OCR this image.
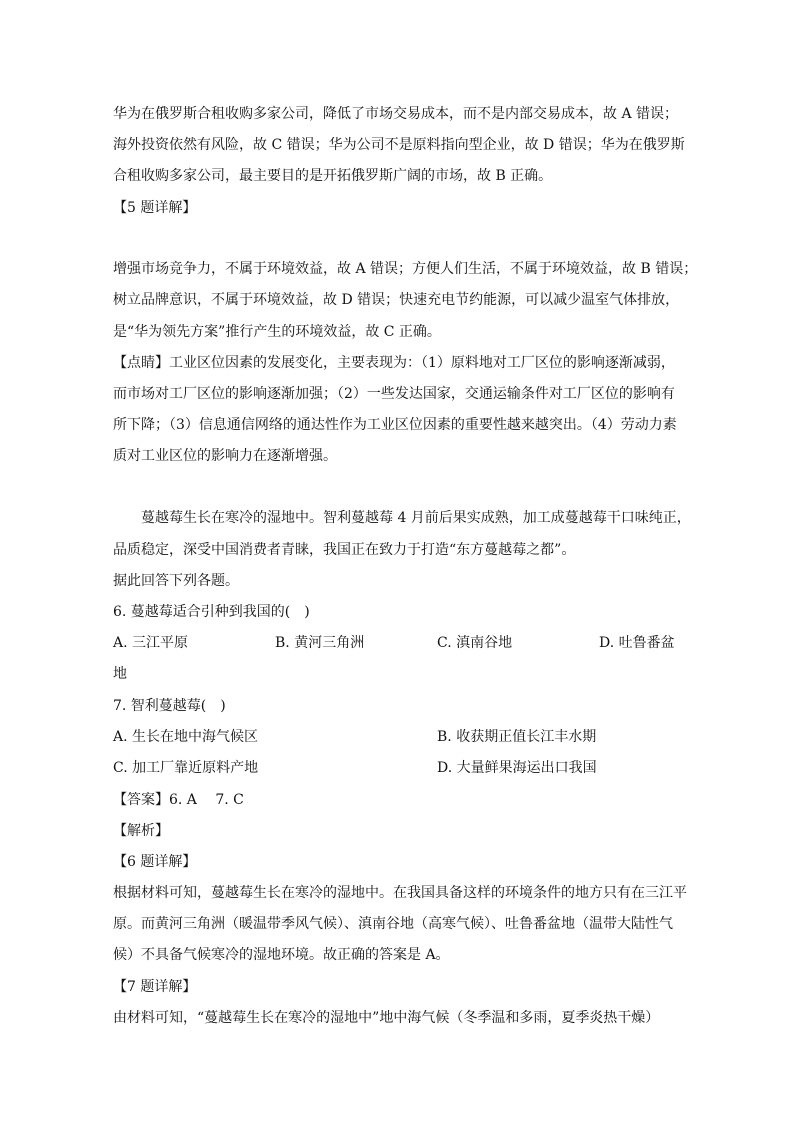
华为在俄罗斯合租收购多家公司，降低了市场交易成本，而不是内部交易成本，故 A 错误；
海外投资依然有风险，故 C 错误；华为公司不是原料指向型企业，故 D 错误；华为在俄罗斯
合租收购多家公司，最主要目的是开拓俄罗斯广阔的市场，故 B 正确。
【5 题详解】
增强市场竞争力，不属于环境效益，故 A 错误；方便人们生活，不属于环境效益，故 B 错误；
树立品牌意识，不属于环境效益，故 D 错误；快速充电节约能源，可以减少温室气体排放，
是“华为领先方案”推行产生的环境效益，故 C 正确。
【点睛】工业区位因素的发展变化，主要表现为：（1）原料地对工厂区位的影响逐渐减弱，
而市场对工厂区位的影响逐渐加强；（2）一些发达国家，交通运输条件对工厂区位的影响有
所下降；（3）信息通信网络的通达性作为工业区位因素的重要性越来越突出。（4）劳动力素
质对工业区位的影响力在逐渐增强。
蔓越莓生长在寒冷的湿地中。智利蔓越莓 4 月前后果实成熟，加工成蔓越莓干口味纯正，
品质稳定，深受中国消费者青睐，我国正在致力于打造“东方蔓越莓之都”。
据此回答下列各题。
6. 蔓越莓适合引种到我国的(　)
A. 三江平原	B. 黄河三角洲	C. 滇南谷地	D. 吐鲁番盆
地
7. 智利蔓越莓(　)
A. 生长在地中海气候区	B. 收获期正值长江丰水期
C. 加工厂靠近原料产地	D. 大量鲜果海运出口我国
【答案】6. A　 7. C
【解析】
【6 题详解】
根据材料可知，蔓越莓生长在寒冷的湿地中。在我国具备这样的环境条件的地方只有在三江平
原。而黄河三角洲（暖温带季风气候）、滇南谷地（高寒气候）、吐鲁番盆地（温带大陆性气
候）不具备气候寒冷的湿地环境。故正确的答案是 A。
【7 题详解】
由材料可知，“蔓越莓生长在寒冷的湿地中”地中海气候（冬季温和多雨，夏季炎热干燥）
